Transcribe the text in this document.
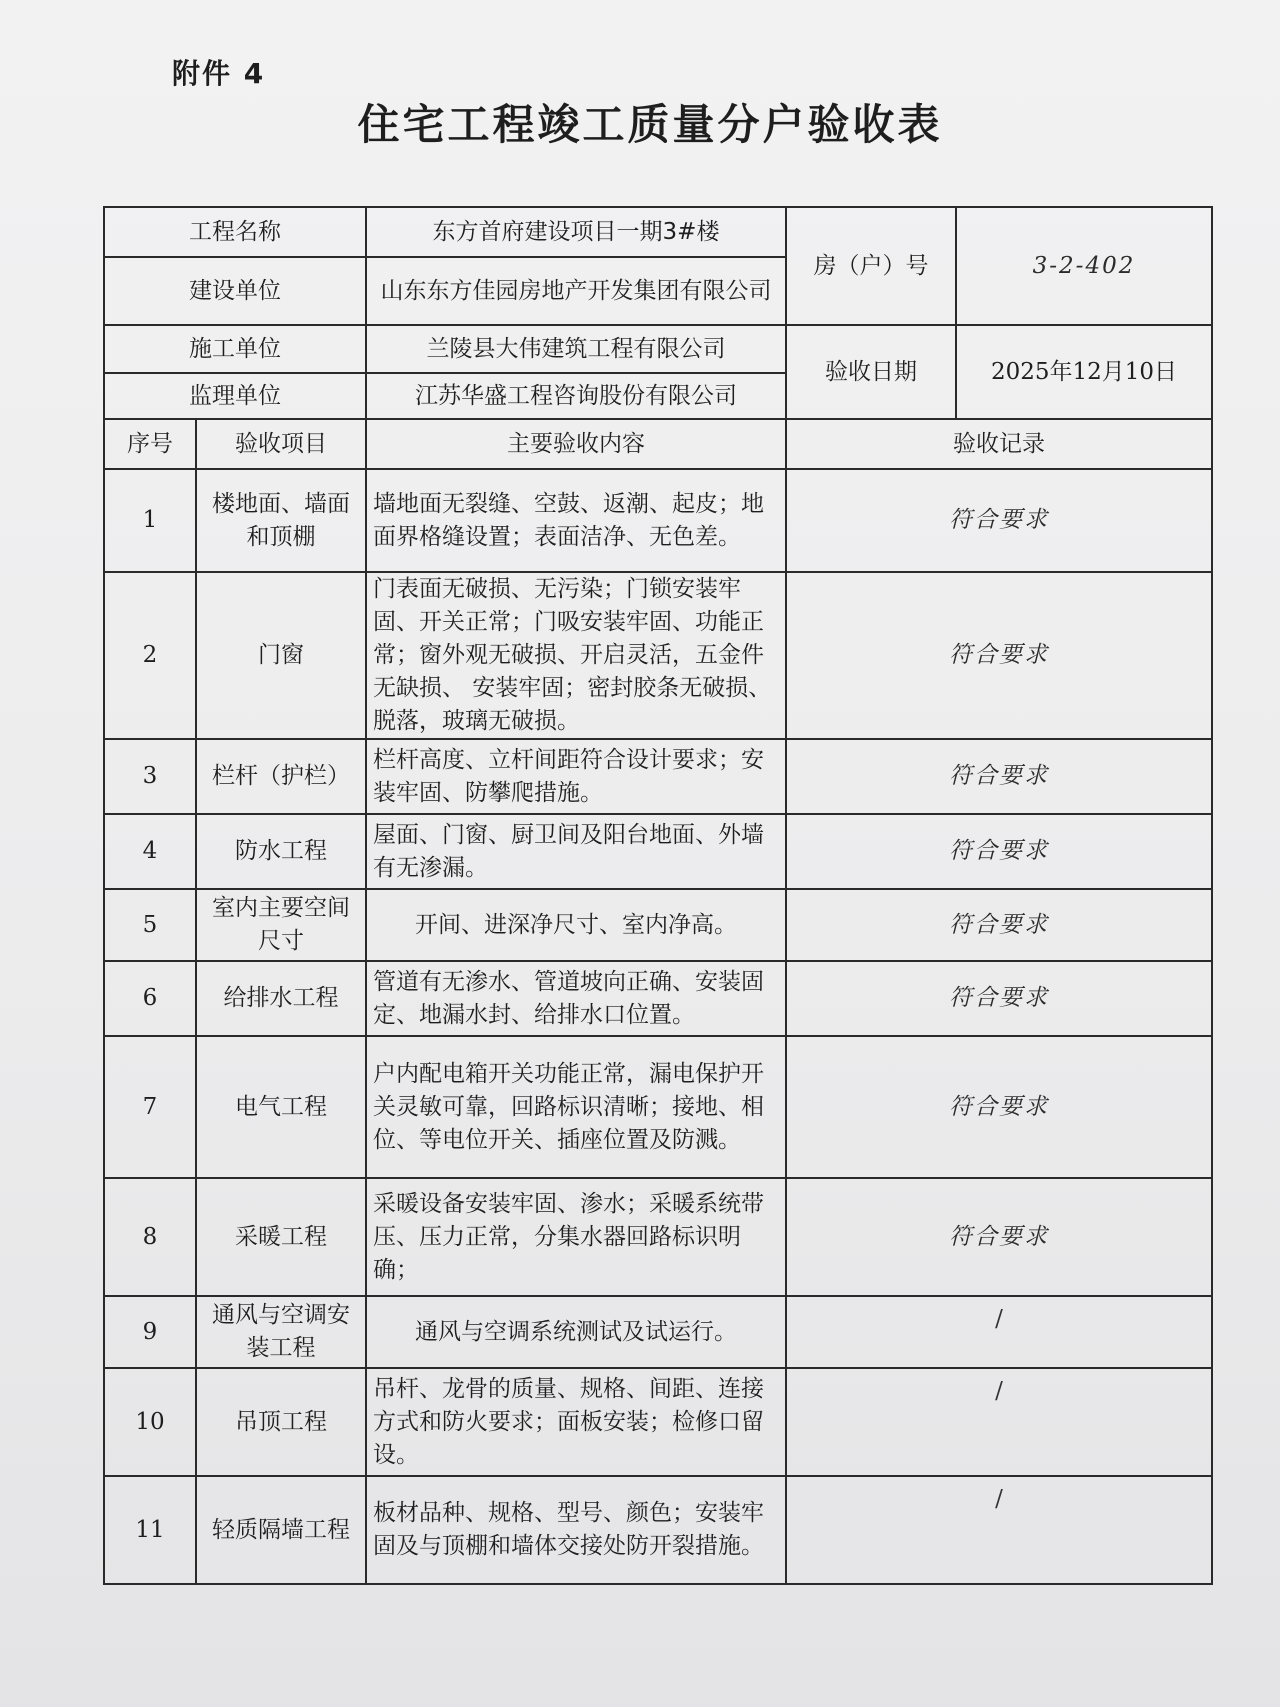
附件 4
住宅工程竣工质量分户验收表
工程名称		东方首府建设项目一期3#楼	房（户）号	3-2-402
建设单位		山东东方佳园房地产开发集团有限公司		
施工单位		兰陵县大伟建筑工程有限公司	验收日期	2025年12月10日
监理单位		江苏华盛工程咨询股份有限公司		
序号	验收项目	主要验收内容	验收记录	
1	楼地面、墙面和顶棚	墙地面无裂缝、空鼓、返潮、起皮；地面界格缝设置；表面洁净、无色差。	符合要求	
2	门窗	门表面无破损、无污染；门锁安装牢固、开关正常；门吸安装牢固、功能正常；窗外观无破损、开启灵活，五金件无缺损、 安装牢固；密封胶条无破损、脱落，玻璃无破损。	符合要求	
3	栏杆（护栏）	栏杆高度、立杆间距符合设计要求；安装牢固、防攀爬措施。	符合要求	
4	防水工程	屋面、门窗、厨卫间及阳台地面、外墙有无渗漏。	符合要求	
5	室内主要空间尺寸	开间、进深净尺寸、室内净高。	符合要求	
6	给排水工程	管道有无渗水、管道坡向正确、安装固定、地漏水封、给排水口位置。	符合要求	
7	电气工程	户内配电箱开关功能正常，漏电保护开关灵敏可靠，回路标识清晰；接地、相位、等电位开关、插座位置及防溅。	符合要求	
8	采暖工程	采暖设备安装牢固、渗水；采暖系统带压、压力正常，分集水器回路标识明确；	符合要求	
9	通风与空调安装工程	通风与空调系统测试及试运行。	/	
10	吊顶工程	吊杆、龙骨的质量、规格、间距、连接方式和防火要求；面板安装；检修口留设。	/	
11	轻质隔墙工程	板材品种、规格、型号、颜色；安装牢固及与顶棚和墙体交接处防开裂措施。	/	
